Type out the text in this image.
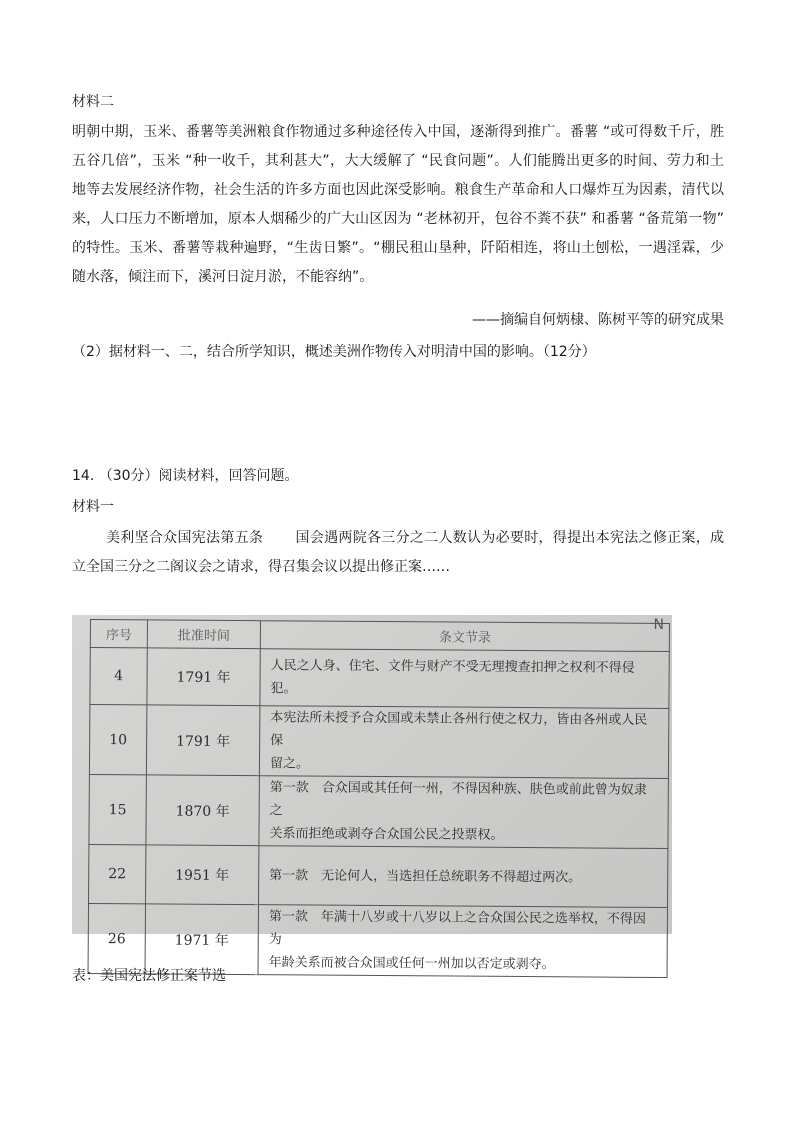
材料二
明朝中期，玉米、番薯等美洲粮食作物通过多种途径传入中国，逐渐得到推广。番薯 “或可得数千斤，胜
五谷几倍”，玉米 “种一收千，其利甚大”，大大缓解了 “民食问题”。人们能腾出更多的时间、劳力和土
地等去发展经济作物，社会生活的许多方面也因此深受影响。粮食生产革命和人口爆炸互为因素，清代以
来，人口压力不断增加，原本人烟稀少的广大山区因为 “老林初开，包谷不粪不获” 和番薯 “备荒第一物”
的特性。玉米、番薯等栽种遍野，“生齿日繁”。“棚民租山垦种，阡陌相连，将山土刨松，一遇淫霖，少
随水落，倾注而下，溪河日淀月淤，不能容纳”。
——摘编自何炳棣、陈树平等的研究成果
（2）据材料一、二，结合所学知识，概述美洲作物传入对明清中国的影响。（12分）
14. （30分）阅读材料，回答问题。
材料一
美利坚合众国宪法第五条 国会遇两院各三分之二人数认为必要时，得提出本宪法之修正案，成
立全国三分之二阁议会之请求，得召集会议以提出修正案……
N
序号	批准时间	条文节录
4	1791 年	人民之人身、住宅、文件与财产不受无理搜查扣押之权利不得侵犯。
10	1791 年	本宪法所未授予合众国或未禁止各州行使之权力，皆由各州或人民保
留之。
15	1870 年	第一款　合众国或其任何一州，不得因种族、肤色或前此曾为奴隶之
关系而拒绝或剥夺合众国公民之投票权。
22	1951 年	第一款　无论何人，当选担任总统职务不得超过两次。
26	1971 年	第一款　年满十八岁或十八岁以上之合众国公民之选举权，不得因为
年龄关系而被合众国或任何一州加以否定或剥夺。
表：美国宪法修正案节选
